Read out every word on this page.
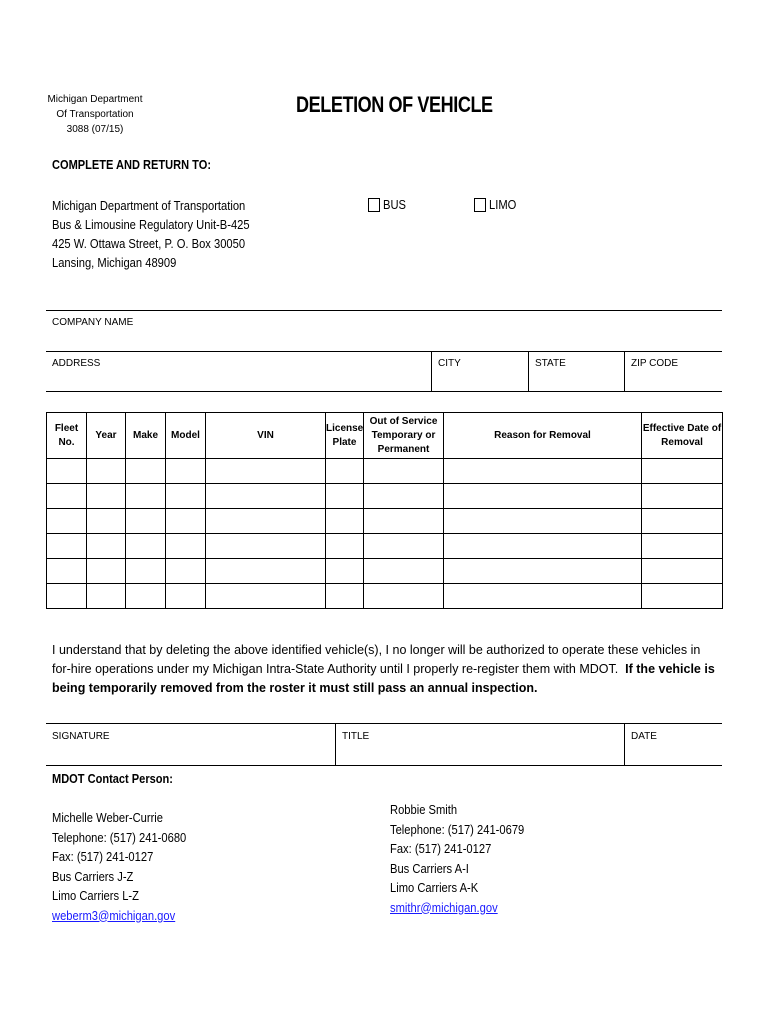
Michigan Department
Of Transportation
3088 (07/15)
DELETION OF VEHICLE
COMPLETE AND RETURN TO:
Michigan Department of Transportation
Bus & Limousine Regulatory Unit-B-425
425 W. Ottawa Street, P. O. Box 30050
Lansing, Michigan 48909
BUS	LIMO
COMPANY NAME
ADDRESS	CITY	STATE	ZIP CODE
Fleet No.	Year	Make	Model	VIN	License Plate	Out of Service Temporary or Permanent	Reason for Removal	Effective Date of Removal

I understand that by deleting the above identified vehicle(s), I no longer will be authorized to operate these vehicles in for-hire operations under my Michigan Intra-State Authority until I properly re-register them with MDOT. If the vehicle is being temporarily removed from the roster it must still pass an annual inspection.
SIGNATURE	TITLE	DATE
MDOT Contact Person:
Michelle Weber-Currie
Telephone: (517) 241-0680
Fax: (517) 241-0127
Bus Carriers J-Z
Limo Carriers L-Z
weberm3@michigan.gov
Robbie Smith
Telephone: (517) 241-0679
Fax: (517) 241-0127
Bus Carriers A-I
Limo Carriers A-K
smithr@michigan.gov
